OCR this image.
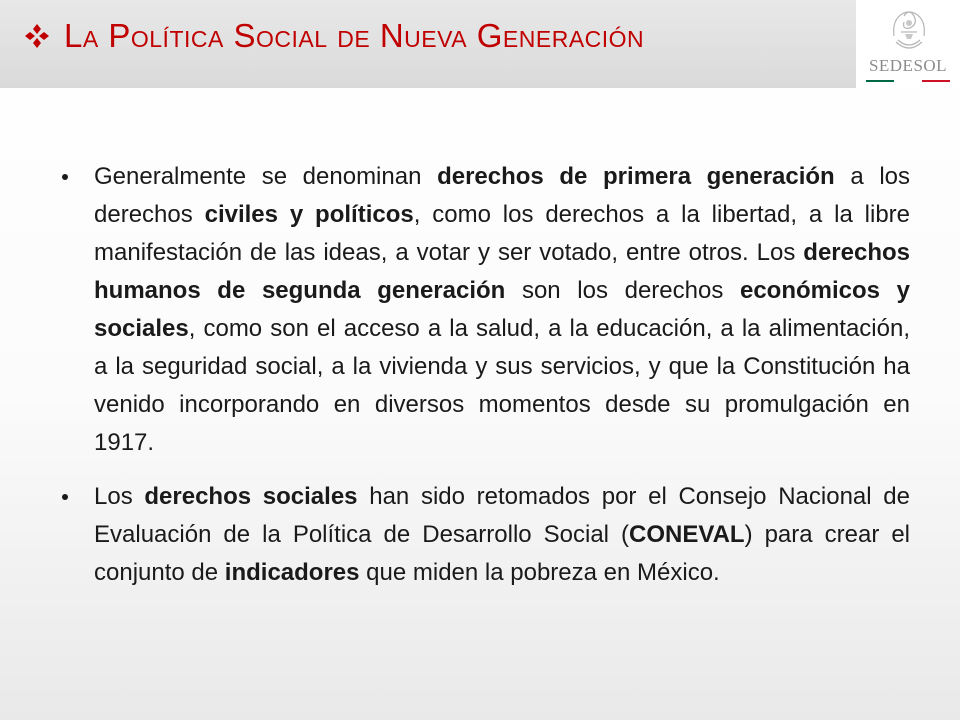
La Política Social de Nueva Generación
SEDESOL
Generalmente se denominan derechos de primera generación a los derechos civiles y políticos, como los derechos a la libertad, a la libre manifestación de las ideas, a votar y ser votado, entre otros. Los derechos humanos de segunda generación son los derechos económicos y sociales, como son el acceso a la salud, a la educación, a la alimentación, a la seguridad social, a la vivienda y sus servicios, y que la Constitución ha venido incorporando en diversos momentos desde su promulgación en 1917.
Los derechos sociales han sido retomados por el Consejo Nacional de Evaluación de la Política de Desarrollo Social (CONEVAL) para crear el conjunto de indicadores que miden la pobreza en México.
